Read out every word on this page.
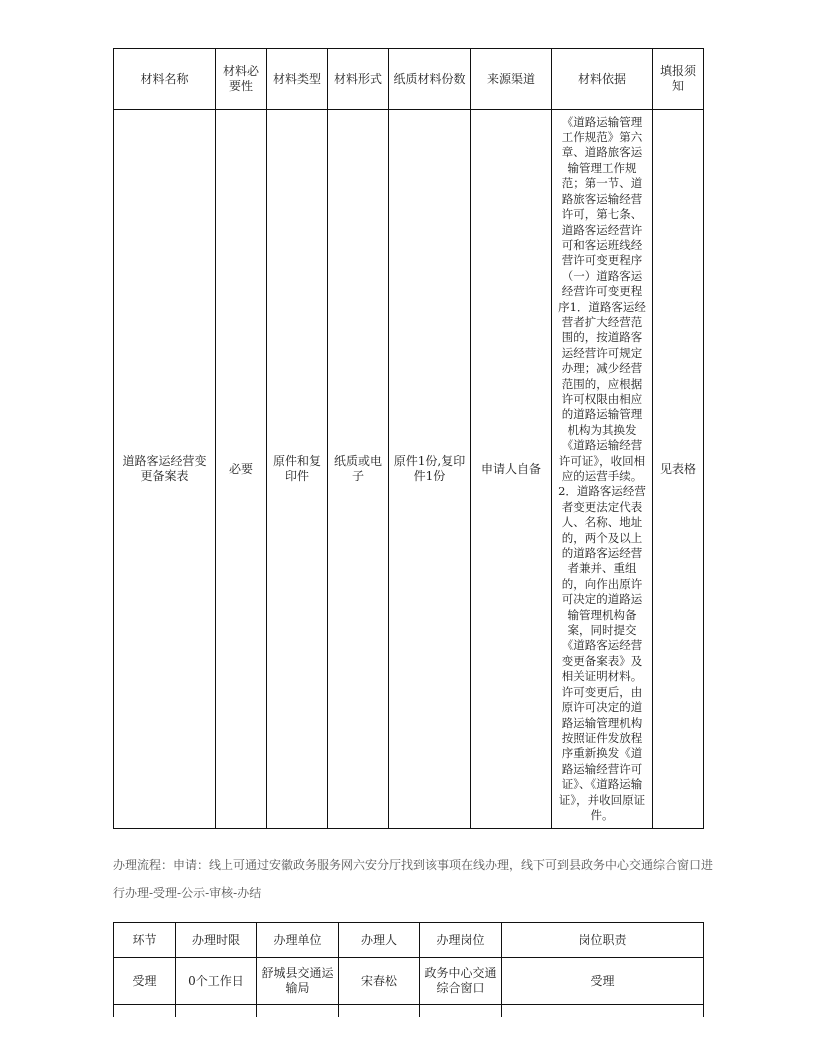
材料名称	材料必要性	材料类型	材料形式	纸质材料份数	来源渠道	材料依据	填报须知
道路客运经营变更备案表	必要	原件和复印件	纸质或电子	原件1份,复印件1份	申请人自备	《道路运输管理工作规范》第六章、道路旅客运输管理工作规范；第一节、道路旅客运输经营许可，第七条、道路客运经营许可和客运班线经营许可变更程序（一）道路客运经营许可变更程序1．道路客运经营者扩大经营范围的，按道路客运经营许可规定办理；减少经营范围的，应根据许可权限由相应的道路运输管理机构为其换发《道路运输经营许可证》，收回相应的运营手续。 2．道路客运经营者变更法定代表人、名称、地址的，两个及以上的道路客运经营者兼并、重组的，向作出原许可决定的道路运输管理机构备案，同时提交《道路客运经营变更备案表》及相关证明材料。许可变更后，由原许可决定的道路运输管理机构按照证件发放程序重新换发《道路运输经营许可证》、《道路运输证》，并收回原证件。	见表格
办理流程：申请：线上可通过安徽政务服务网六安分厅找到该事项在线办理，线下可到县政务中心交通综合窗口进行办理-受理-公示-审核-办结
环节	办理时限	办理单位	办理人	办理岗位	岗位职责
受理	0个工作日	舒城县交通运输局	宋春松	政务中心交通综合窗口	受理
